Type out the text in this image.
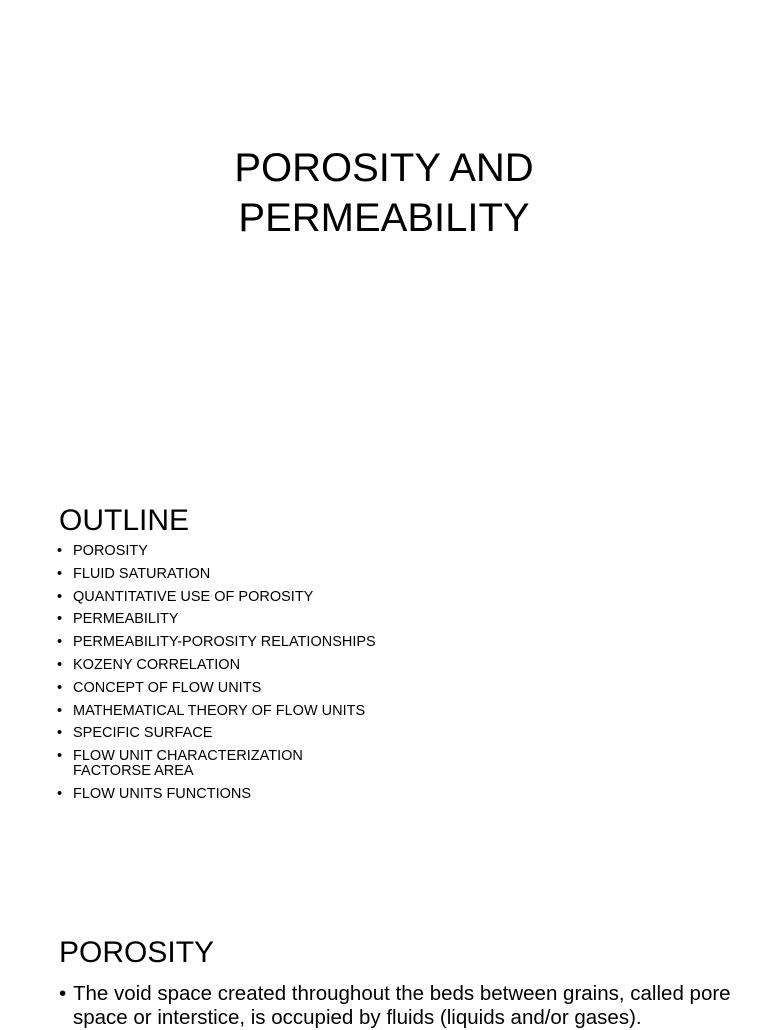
POROSITY AND
PERMEABILITY
OUTLINE
• POROSITY
• FLUID SATURATION
• QUANTITATIVE USE OF POROSITY
• PERMEABILITY
• PERMEABILITY-POROSITY RELATIONSHIPS
• KOZENY CORRELATION
• CONCEPT OF FLOW UNITS
• MATHEMATICAL THEORY OF FLOW UNITS
• SPECIFIC SURFACE
• FLOW UNIT CHARACTERIZATION FACTORSE AREA
• FLOW UNITS FUNCTIONS
POROSITY
• The void space created throughout the beds between grains, called pore space or interstice, is occupied by fluids (liquids and/or gases).
